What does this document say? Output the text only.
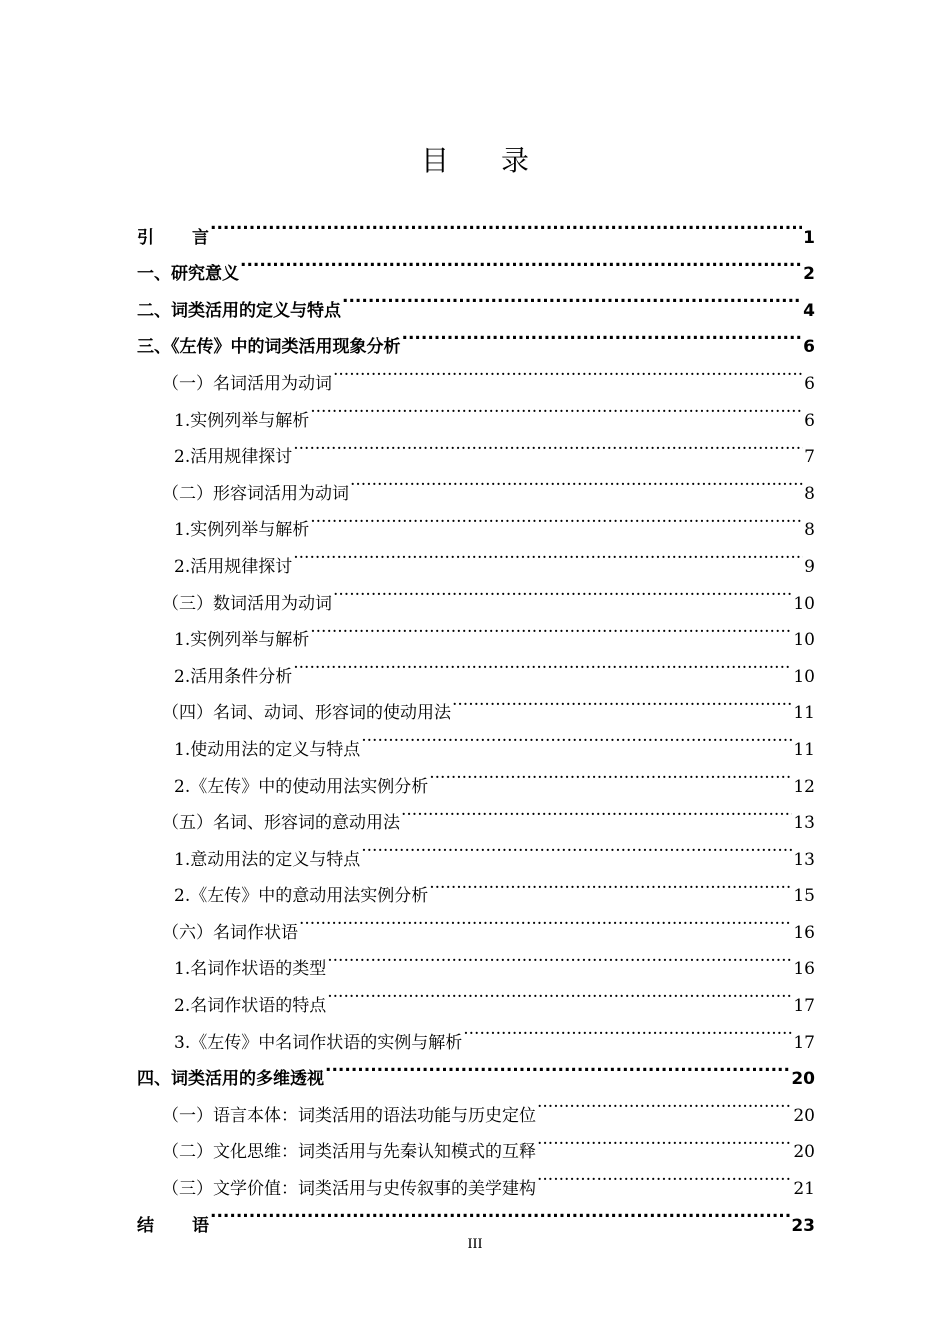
目录
引 言 .....	1
一、研究意义 .....	2
二、词类活用的定义与特点 .....	4
三、《左传》中的词类活用现象分析 .....	6
（一）名词活用为动词 .....	6
1.实例列举与解析 .....	6
2.活用规律探讨 .....	7
（二）形容词活用为动词 .....	8
1.实例列举与解析 .....	8
2.活用规律探讨 .....	9
（三）数词活用为动词 .....	10
1.实例列举与解析 .....	10
2.活用条件分析 .....	10
（四）名词、动词、形容词的使动用法 .....	11
1.使动用法的定义与特点 .....	11
2.《左传》中的使动用法实例分析 .....	12
（五）名词、形容词的意动用法 .....	13
1.意动用法的定义与特点 .....	13
2.《左传》中的意动用法实例分析 .....	15
（六）名词作状语 .....	16
1.名词作状语的类型 .....	16
2.名词作状语的特点 .....	17
3.《左传》中名词作状语的实例与解析 .....	17
四、词类活用的多维透视 .....	20
（一）语言本体：词类活用的语法功能与历史定位 .....	20
（二）文化思维：词类活用与先秦认知模式的互释 .....	20
（三）文学价值：词类活用与史传叙事的美学建构 .....	21
结 语 .....	23
III
